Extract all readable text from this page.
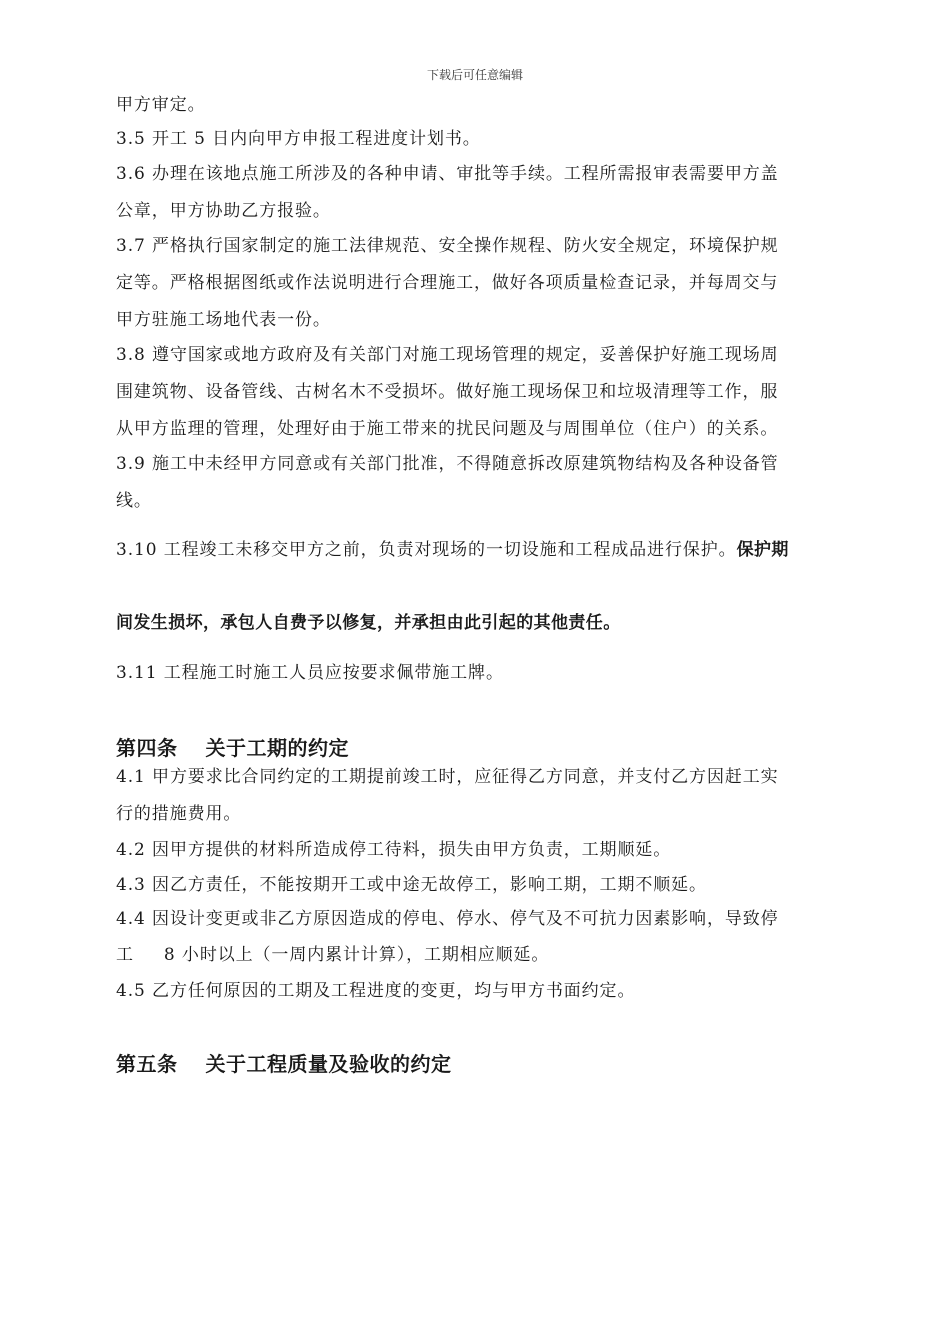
下载后可任意编辑
甲方审定。
3.5 开工 5 日内向甲方申报工程进度计划书。
3.6 办理在该地点施工所涉及的各种申请、审批等手续。工程所需报审表需要甲方盖
公章，甲方协助乙方报验。
3.7 严格执行国家制定的施工法律规范、安全操作规程、防火安全规定，环境保护规
定等。严格根据图纸或作法说明进行合理施工，做好各项质量检查记录，并每周交与
甲方驻施工场地代表一份。
3.8 遵守国家或地方政府及有关部门对施工现场管理的规定，妥善保护好施工现场周
围建筑物、设备管线、古树名木不受损坏。做好施工现场保卫和垃圾清理等工作，服
从甲方监理的管理，处理好由于施工带来的扰民问题及与周围单位（住户）的关系。
3.9 施工中未经甲方同意或有关部门批准，不得随意拆改原建筑物结构及各种设备管
线。
3.10 工程竣工未移交甲方之前，负责对现场的一切设施和工程成品进行保护。保护期
间发生损坏，承包人自费予以修复，并承担由此引起的其他责任。
3.11 工程施工时施工人员应按要求佩带施工牌。
第四条 关于工期的约定
4.1 甲方要求比合同约定的工期提前竣工时，应征得乙方同意，并支付乙方因赶工实
行的措施费用。
4.2 因甲方提供的材料所造成停工待料，损失由甲方负责，工期顺延。
4.3 因乙方责任，不能按期开工或中途无故停工，影响工期，工期不顺延。
4.4 因设计变更或非乙方原因造成的停电、停水、停气及不可抗力因素影响，导致停
工 8 小时以上（一周内累计计算），工期相应顺延。
4.5 乙方任何原因的工期及工程进度的变更，均与甲方书面约定。
第五条 关于工程质量及验收的约定
